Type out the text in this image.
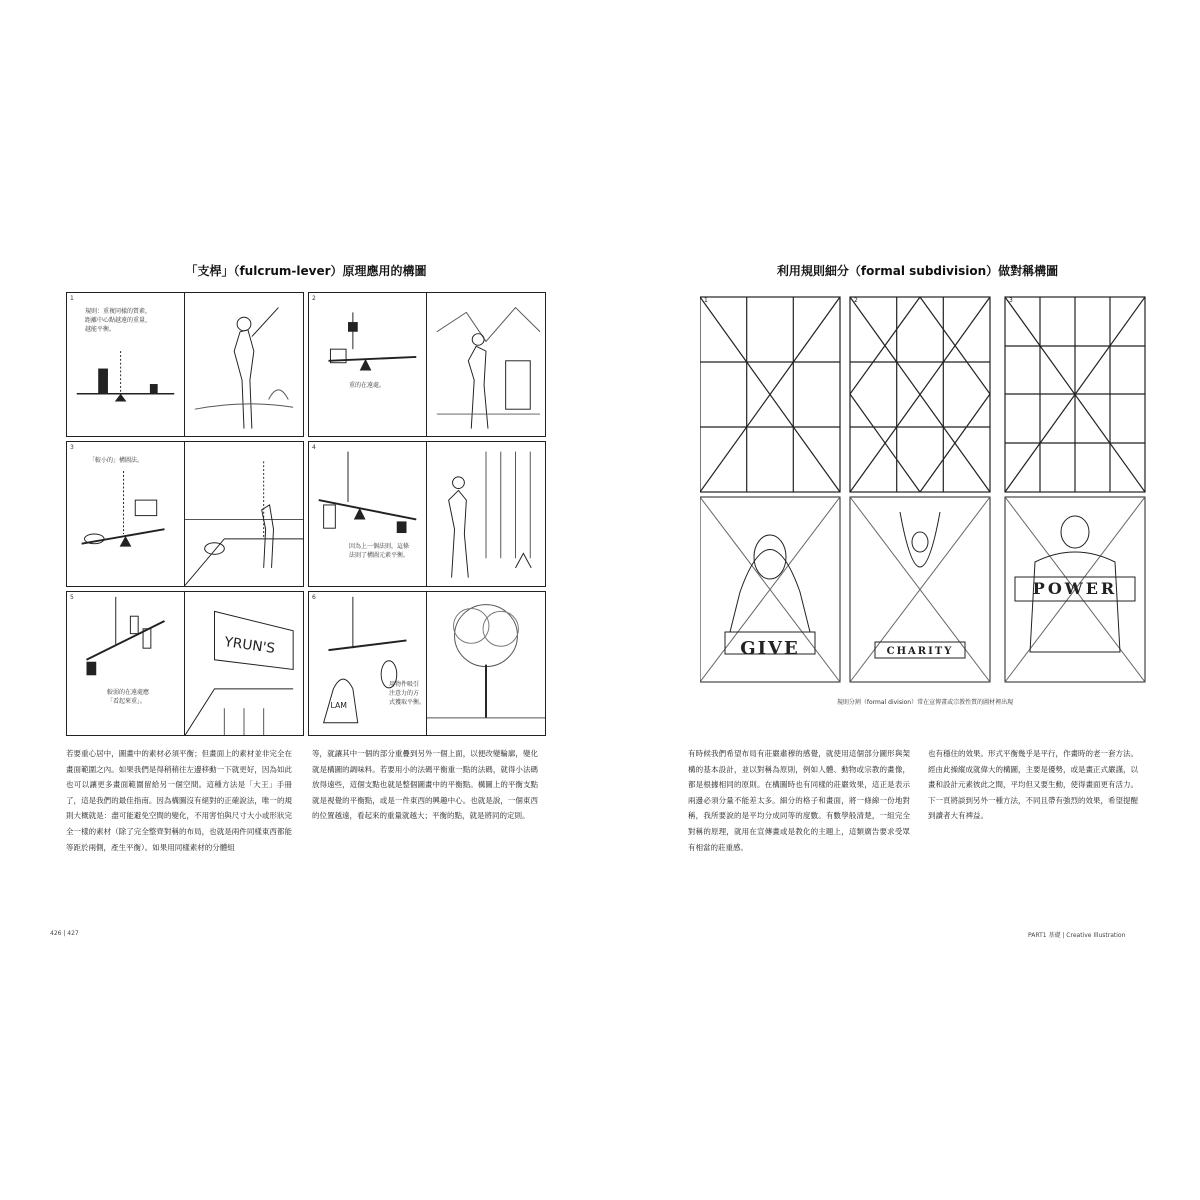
「支桿」（fulcrum-lever）原理應用的構圖
1
規則：重複同樣的質素，
距離中心點越遠的重量，
越能平衡。
2
重的在遠處。
3
「較小的」構圖法。
4
因為上一個法則，這條
法則了構圖元素平衡。
5
較弱的在遠處應
「看起來重」。
YRUN'S
6
用物件吸引
注意力的方
式獲取平衡。
LAM
若要重心居中，圖畫中的素材必須平衡；但畫面上的素材並非完全在畫面範圍之內。如果我們是得稍稍往左邊移動一下就更好，因為如此也可以讓更多畫面範圍留給另一個空間。這種方法是「大王」手冊了，這是我們的最佳指南。因為構圖沒有絕對的正確說法，唯一的規則大概就是：盡可能避免空間的變化，不用害怕與尺寸大小或形狀完全一樣的素材（除了完全整齊對稱的布局，也就是兩件同樣東西都能等距於兩側，產生平衡）。如果用同樣素材的分體組
等，就讓其中一個的部分重疊到另外一個上面，以便改變輪廓，變化就是構圖的調味料。若要用小的法碼平衡重一點的法碼，就得小法碼放得遠些，這個支點也就是整個圖畫中的平衡點。構圖上的平衡支點就是視覺的平衡點，或是一件東西的興趣中心。也就是說，一個東西的位置越遠，看起來的重量就越大；平衡的點，就是將同的定則。
426 | 427
利用規則細分（formal subdivision）做對稱構圖
GIVE	CHARITY
POWER
1	2	3
規則分割（formal division）常在宣傳畫或宗教性質的圖材裡出現
有時候我們希望布局有莊嚴肅穆的感覺，就使用這個部分圖形與架構的基本設計，並以對稱為原則，例如人體、動物或宗教的畫像，都是根據相同的原則。在構圖時也有同樣的莊嚴效果，這正是表示兩邊必須分量不能差太多。細分的格子和畫面，將一條線一份地對稱，我所要說的是平均分成同等的度數。有數學般清楚，一組完全對稱的原理，就用在宣傳畫或是教化的主題上，這類廣告要求受眾有相當的莊重感。
也有穩住的效果。形式平衡幾乎是平行，作畫時的老一套方法。經由此操縱成就偉大的構圖，主要是優勢，或是畫正式嚴謹，以畫和設計元素彼此之間，平均但又要生動，使得畫面更有活力。下一頁將談到另外一種方法，不同且帶有強烈的效果，希望提醒到讀者大有裨益。
PART1 基礎 | Creative Illustration
